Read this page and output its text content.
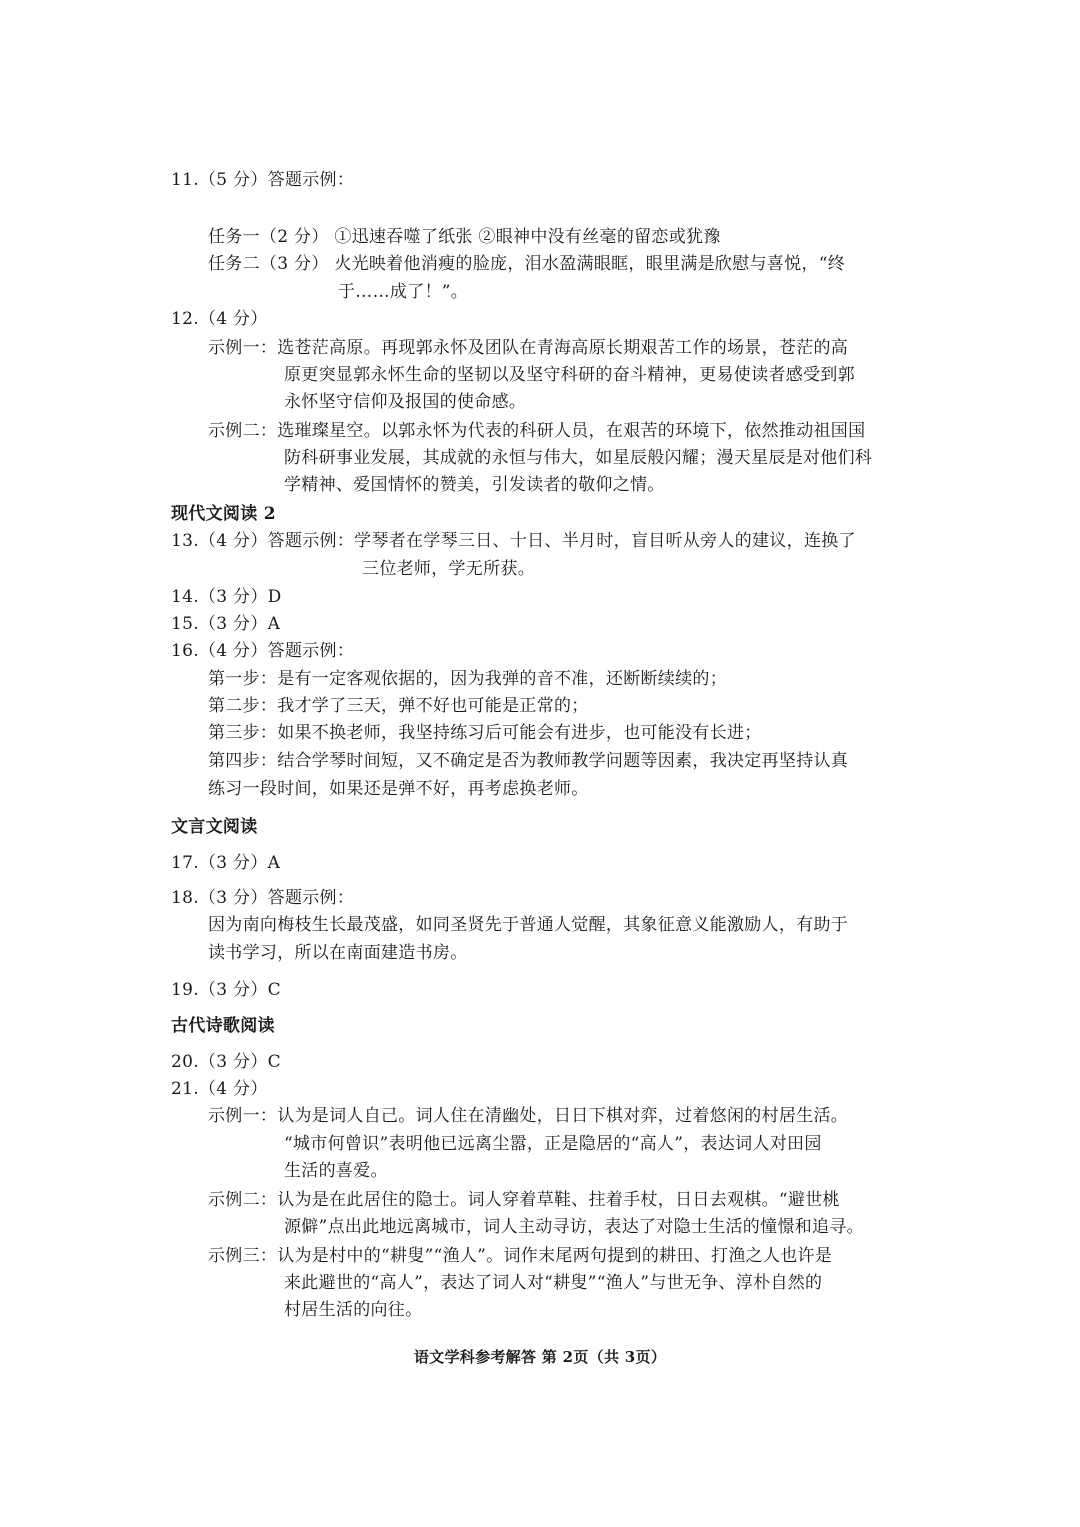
11.（5 分）答题示例：
任务一（2 分） ①迅速吞噬了纸张 ②眼神中没有丝毫的留恋或犹豫
任务二（3 分） 火光映着他消瘦的脸庞，泪水盈满眼眶，眼里满是欣慰与喜悦，“终
于……成了！”。
12.（4 分）
示例一：选苍茫高原。再现郭永怀及团队在青海高原长期艰苦工作的场景，苍茫的高
原更突显郭永怀生命的坚韧以及坚守科研的奋斗精神，更易使读者感受到郭
永怀坚守信仰及报国的使命感。
示例二：选璀璨星空。以郭永怀为代表的科研人员，在艰苦的环境下，依然推动祖国国
防科研事业发展，其成就的永恒与伟大，如星辰般闪耀；漫天星辰是对他们科
学精神、爱国情怀的赞美，引发读者的敬仰之情。
现代文阅读 2
13.（4 分）答题示例：学琴者在学琴三日、十日、半月时，盲目听从旁人的建议，连换了
三位老师，学无所获。
14.（3 分）D
15.（3 分）A
16.（4 分）答题示例：
第一步：是有一定客观依据的，因为我弹的音不准，还断断续续的；
第二步：我才学了三天，弹不好也可能是正常的；
第三步：如果不换老师，我坚持练习后可能会有进步，也可能没有长进；
第四步：结合学琴时间短，又不确定是否为教师教学问题等因素，我决定再坚持认真
练习一段时间，如果还是弹不好，再考虑换老师。
文言文阅读
17.（3 分）A
18.（3 分）答题示例：
因为南向梅枝生长最茂盛，如同圣贤先于普通人觉醒，其象征意义能激励人，有助于
读书学习，所以在南面建造书房。
19.（3 分）C
古代诗歌阅读
20.（3 分）C
21.（4 分）
示例一：认为是词人自己。词人住在清幽处，日日下棋对弈，过着悠闲的村居生活。
“城市何曾识”表明他已远离尘嚣，正是隐居的“高人”，表达词人对田园
生活的喜爱。
示例二：认为是在此居住的隐士。词人穿着草鞋、拄着手杖，日日去观棋。“避世桃
源僻”点出此地远离城市，词人主动寻访，表达了对隐士生活的憧憬和追寻。
示例三：认为是村中的“耕叟”“渔人”。词作末尾两句提到的耕田、打渔之人也许是
来此避世的“高人”，表达了词人对“耕叟”“渔人”与世无争、淳朴自然的
村居生活的向往。
语文学科参考解答 第 2页（共 3页）
